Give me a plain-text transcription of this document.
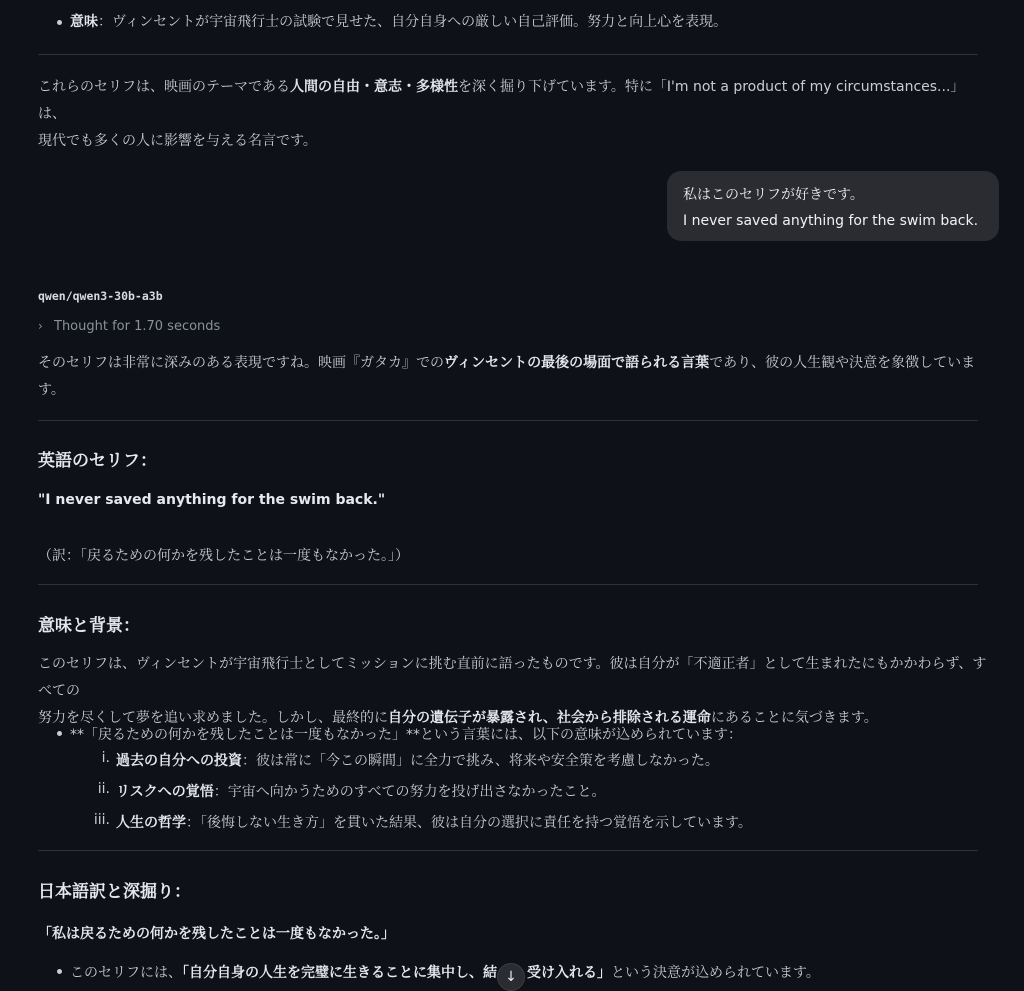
意味：ヴィンセントが宇宙飛行士の試験で見せた、自分自身への厳しい自己評価。努力と向上心を表現。
これらのセリフは、映画のテーマである人間の自由・意志・多様性を深く掘り下げています。特に「I'm not a product of my circumstances...」は、
現代でも多くの人に影響を与える名言です。
私はこのセリフが好きです。
I never saved anything for the swim back.
qwen/qwen3-30b-a3b
› Thought for 1.70 seconds
そのセリフは非常に深みのある表現ですね。映画『ガタカ』でのヴィンセントの最後の場面で語られる言葉であり、彼の人生観や決意を象徴していま
す。
英語のセリフ：
"I never saved anything for the swim back."
（訳：「戻るための何かを残したことは一度もなかった。」）
意味と背景：
このセリフは、ヴィンセントが宇宙飛行士としてミッションに挑む直前に語ったものです。彼は自分が「不適正者」として生まれたにもかかわらず、すべての
努力を尽くして夢を追い求めました。しかし、最終的に自分の遺伝子が暴露され、社会から排除される運命にあることに気づきます。
**「戻るための何かを残したことは一度もなかった」**という言葉には、以下の意味が込められています：
i. 過去の自分への投資：彼は常に「今この瞬間」に全力で挑み、将来や安全策を考慮しなかった。
ii. リスクへの覚悟：宇宙へ向かうためのすべての努力を投げ出さなかったこと。
iii. 人生の哲学：「後悔しない生き方」を貫いた結果、彼は自分の選択に責任を持つ覚悟を示しています。
日本語訳と深掘り：
「私は戻るための何かを残したことは一度もなかった。」
このセリフには、「自分自身の人生を完璧に生きることに集中し、結 受け入れる」という決意が込められています。
↓
